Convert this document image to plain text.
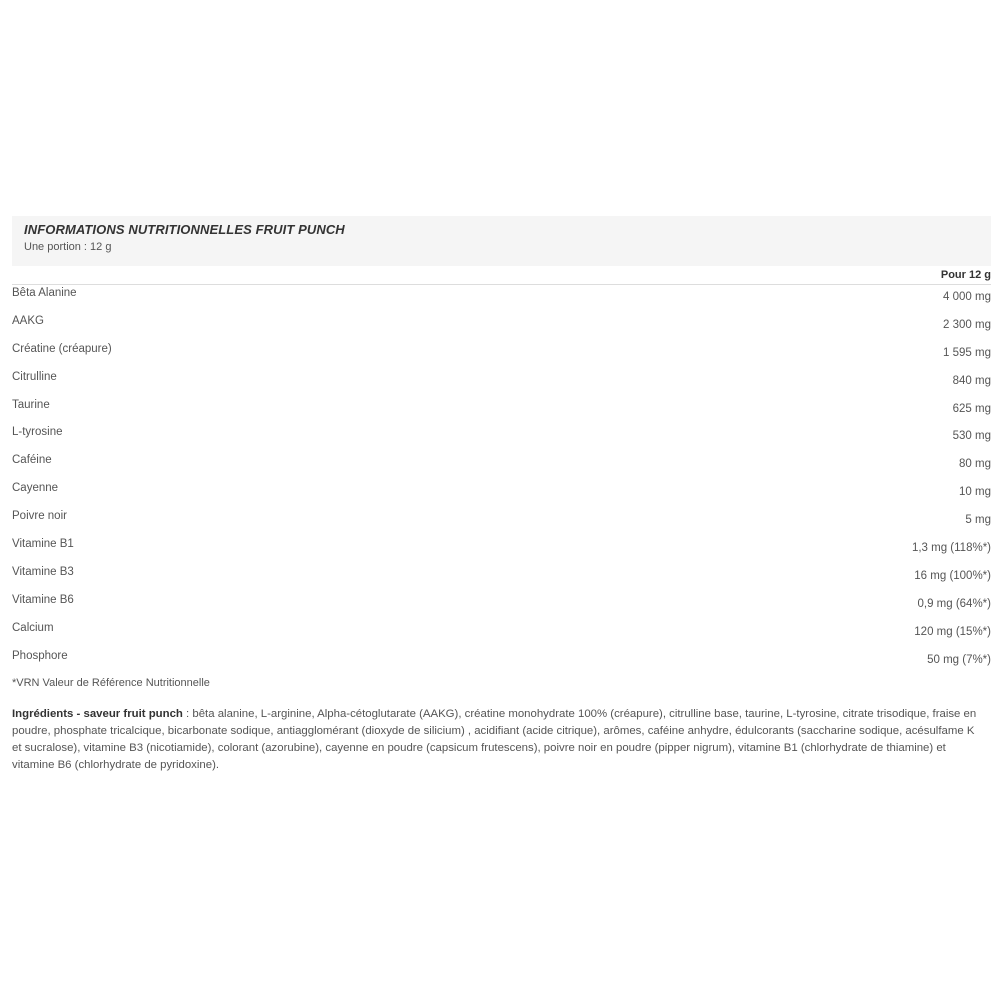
INFORMATIONS NUTRITIONNELLES FRUIT PUNCH
Une portion : 12 g
Pour 12 g
Bêta Alanine	4 000 mg
AAKG	2 300 mg
Créatine (créapure)	1 595 mg
Citrulline	840 mg
Taurine	625 mg
L-tyrosine	530 mg
Caféine	80 mg
Cayenne	10 mg
Poivre noir	5 mg
Vitamine B1	1,3 mg (118%*)
Vitamine B3	16 mg (100%*)
Vitamine B6	0,9 mg (64%*)
Calcium	120 mg (15%*)
Phosphore	50 mg (7%*)
*VRN Valeur de Référence Nutritionnelle
Ingrédients - saveur fruit punch : bêta alanine, L-arginine, Alpha-cétoglutarate (AAKG), créatine monohydrate 100% (créapure), citrulline base, taurine, L-tyrosine, citrate trisodique, fraise en poudre, phosphate tricalcique, bicarbonate sodique, antiagglomérant (dioxyde de silicium) , acidifiant (acide citrique), arômes, caféine anhydre, édulcorants (saccharine sodique, acésulfame K et sucralose), vitamine B3 (nicotiamide), colorant (azorubine), cayenne en poudre (capsicum frutescens), poivre noir en poudre (pipper nigrum), vitamine B1 (chlorhydrate de thiamine) et vitamine B6 (chlorhydrate de pyridoxine).
